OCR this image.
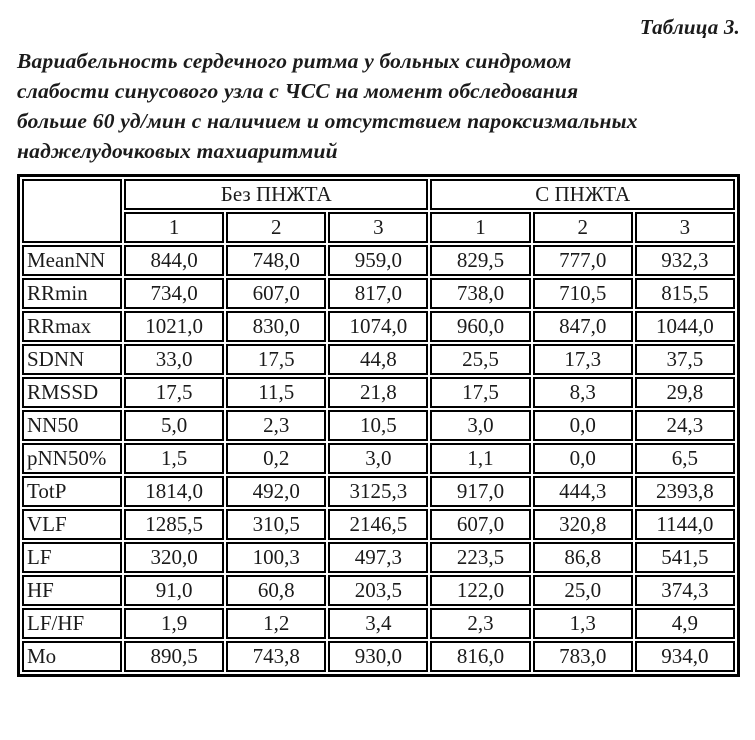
Таблица 3.
Вариабельность сердечного ритма у больных синдромом
слабости синусового узла с ЧСС на момент обследования
больше 60 уд/мин с наличием и отсутствием пароксизмальных
наджелудочковых тахиаритмий
	Без ПНЖТА			С ПНЖТА		
	1	2	3	1	2	3
MeanNN	844,0	748,0	959,0	829,5	777,0	932,3
RRmin	734,0	607,0	817,0	738,0	710,5	815,5
RRmax	1021,0	830,0	1074,0	960,0	847,0	1044,0
SDNN	33,0	17,5	44,8	25,5	17,3	37,5
RMSSD	17,5	11,5	21,8	17,5	8,3	29,8
NN50	5,0	2,3	10,5	3,0	0,0	24,3
pNN50%	1,5	0,2	3,0	1,1	0,0	6,5
TotP	1814,0	492,0	3125,3	917,0	444,3	2393,8
VLF	1285,5	310,5	2146,5	607,0	320,8	1144,0
LF	320,0	100,3	497,3	223,5	86,8	541,5
HF	91,0	60,8	203,5	122,0	25,0	374,3
LF/HF	1,9	1,2	3,4	2,3	1,3	4,9
Mo	890,5	743,8	930,0	816,0	783,0	934,0
